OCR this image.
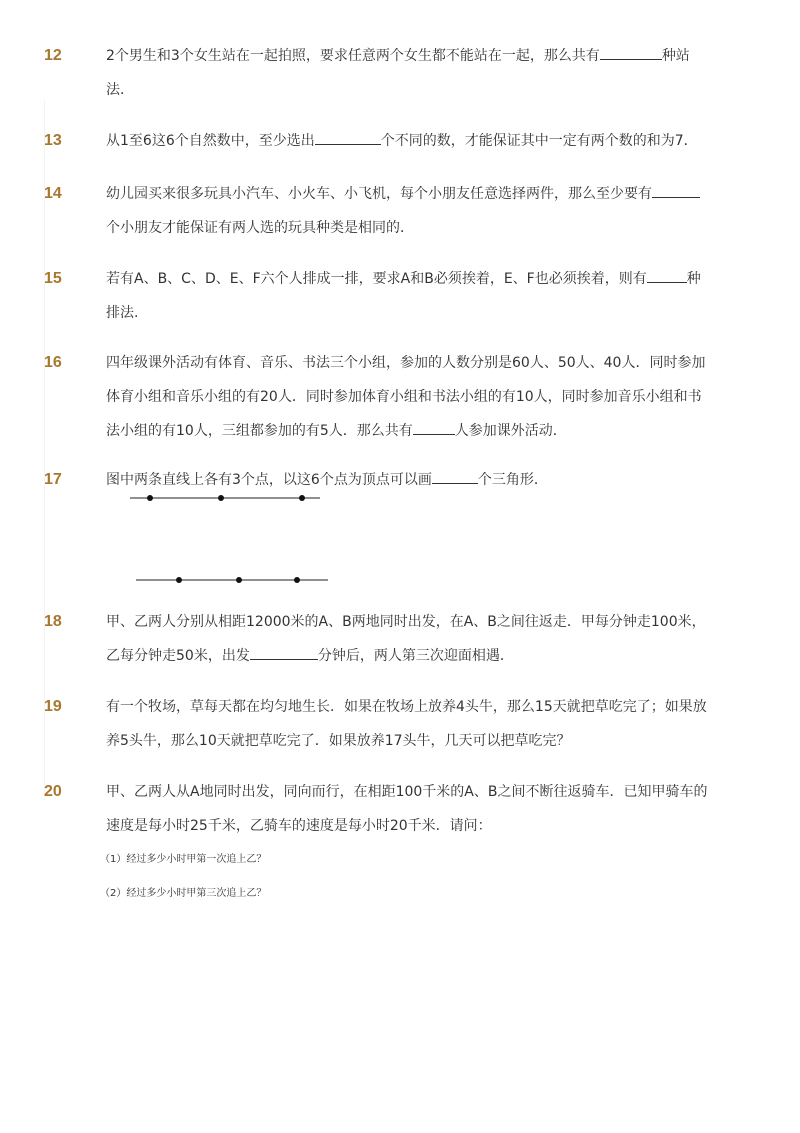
12	2个男生和3个女生站在一起拍照，要求任意两个女生都不能站在一起，那么共有	种站
法．
13	从1至6这6个自然数中，至少选出	个不同的数，才能保证其中一定有两个数的和为7．
14	幼儿园买来很多玩具小汽车、小火车、小飞机，每个小朋友任意选择两件，那么至少要有
个小朋友才能保证有两人选的玩具种类是相同的．
15	若有A、B、C、D、E、F六个人排成一排，要求A和B必须挨着，E、F也必须挨着，则有	种
排法.
16	四年级课外活动有体育、音乐、书法三个小组，参加的人数分别是60人、50人、40人．同时参加
体育小组和音乐小组的有20人．同时参加体育小组和书法小组的有10人，同时参加音乐小组和书
法小组的有10人，三组都参加的有5人．那么共有	人参加课外活动．
17	图中两条直线上各有3个点，以这6个点为顶点可以画	个三角形．
18	甲、乙两人分别从相距12000米的A、B两地同时出发，在A、B之间往返走．甲每分钟走100米，
乙每分钟走50米，出发	分钟后，两人第三次迎面相遇．
19	有一个牧场，草每天都在均匀地生长．如果在牧场上放养4头牛，那么15天就把草吃完了；如果放
养5头牛，那么10天就把草吃完了．如果放养17头牛，几天可以把草吃完？
20	甲、乙两人从A地同时出发，同向而行，在相距100千米的A、B之间不断往返骑车．已知甲骑车的
速度是每小时25千米，乙骑车的速度是每小时20千米．请问：
（1）经过多少小时甲第一次追上乙？
（2）经过多少小时甲第三次追上乙？
